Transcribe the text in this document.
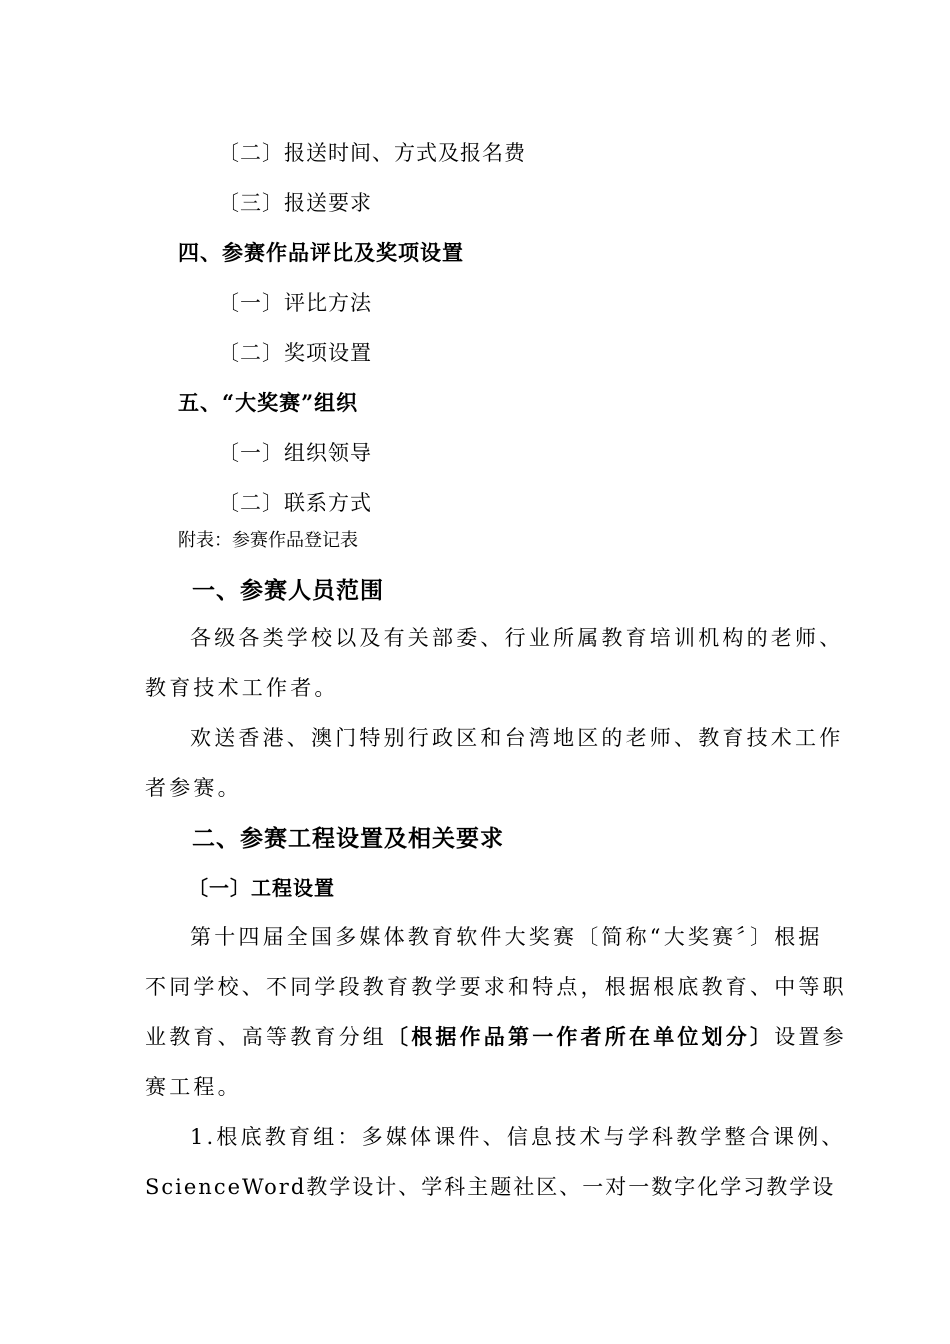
〔二〕报送时间、方式及报名费
〔三〕报送要求
四、参赛作品评比及奖项设置
〔一〕评比方法
〔二〕奖项设置
五、“大奖赛”组织
〔一〕组织领导
〔二〕联系方式
附表：参赛作品登记表
一、参赛人员范围
各级各类学校以及有关部委、行业所属教育培训机构的老师、
教育技术工作者。
欢送香港、澳门特别行政区和台湾地区的老师、教育技术工作
者参赛。
二、参赛工程设置及相关要求
〔一〕工程设置
第十四届全国多媒体教育软件大奖赛〔简称“大奖赛〞〕根据
不同学校、不同学段教育教学要求和特点，根据根底教育、中等职
业教育、高等教育分组〔根据作品第一作者所在单位划分〕设置参
赛工程。
1.根底教育组：多媒体课件、信息技术与学科教学整合课例、
ScienceWord教学设计、学科主题社区、一对一数字化学习教学设
